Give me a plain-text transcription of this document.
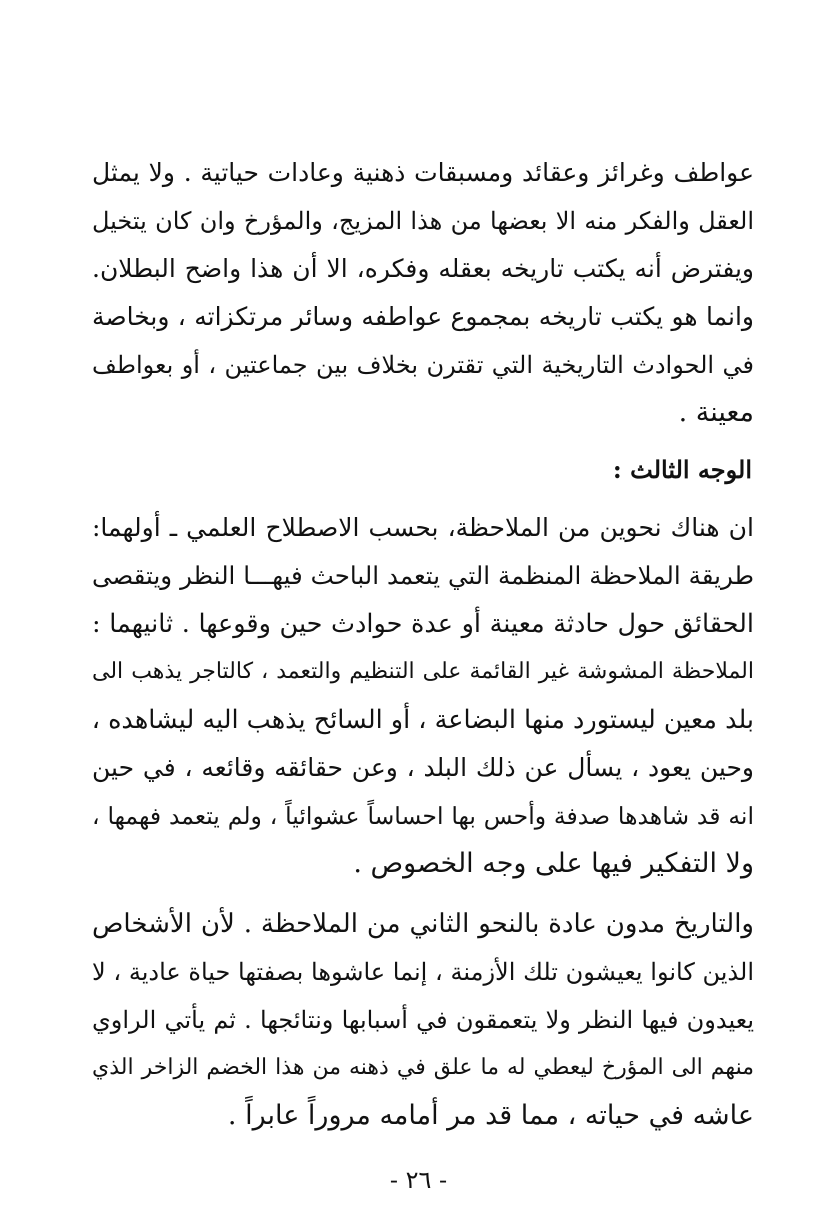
عواطف وغرائز وعقائد ومسبقات ذهنية وعادات حياتية . ولا يمثل
العقل والفكر منه الا بعضها من هذا المزيج، والمؤرخ وان كان يتخيل
ويفترض أنه يكتب تاريخه بعقله وفكره، الا أن هذا واضح البطلان.
وانما هو يكتب تاريخه بمجموع عواطفه وسائر مرتكزاته ، وبخاصة
في الحوادث التاريخية التي تقترن بخلاف بين جماعتين ، أو بعواطف
معينة .
الوجه الثالث :
ان هناك نحوين من الملاحظة، بحسب الاصطلاح العلمي ـ أولهما:
طريقة الملاحظة المنظمة التي يتعمد الباحث فيهـــا النظر ويتقصى
الحقائق حول حادثة معينة أو عدة حوادث حين وقوعها . ثانيهما :
الملاحظة المشوشة غير القائمة على التنظيم والتعمد ، كالتاجر يذهب الى
بلد معين ليستورد منها البضاعة ، أو السائح يذهب اليه ليشاهده ،
وحين يعود ، يسأل عن ذلك البلد ، وعن حقائقه وقائعه ، في حين
انه قد شاهدها صدفة وأحس بها احساساً عشوائياً ، ولم يتعمد فهمها ،
ولا التفكير فيها على وجه الخصوص .
والتاريخ مدون عادة بالنحو الثاني من الملاحظة . لأن الأشخاص
الذين كانوا يعيشون تلك الأزمنة ، إنما عاشوها بصفتها حياة عادية ، لا
يعيدون فيها النظر ولا يتعمقون في أسبابها ونتائجها . ثم يأتي الراوي
منهم الى المؤرخ ليعطي له ما علق في ذهنه من هذا الخضم الزاخر الذي
عاشه في حياته ، مما قد مر أمامه مروراً عابراً .
- ٢٦ -
